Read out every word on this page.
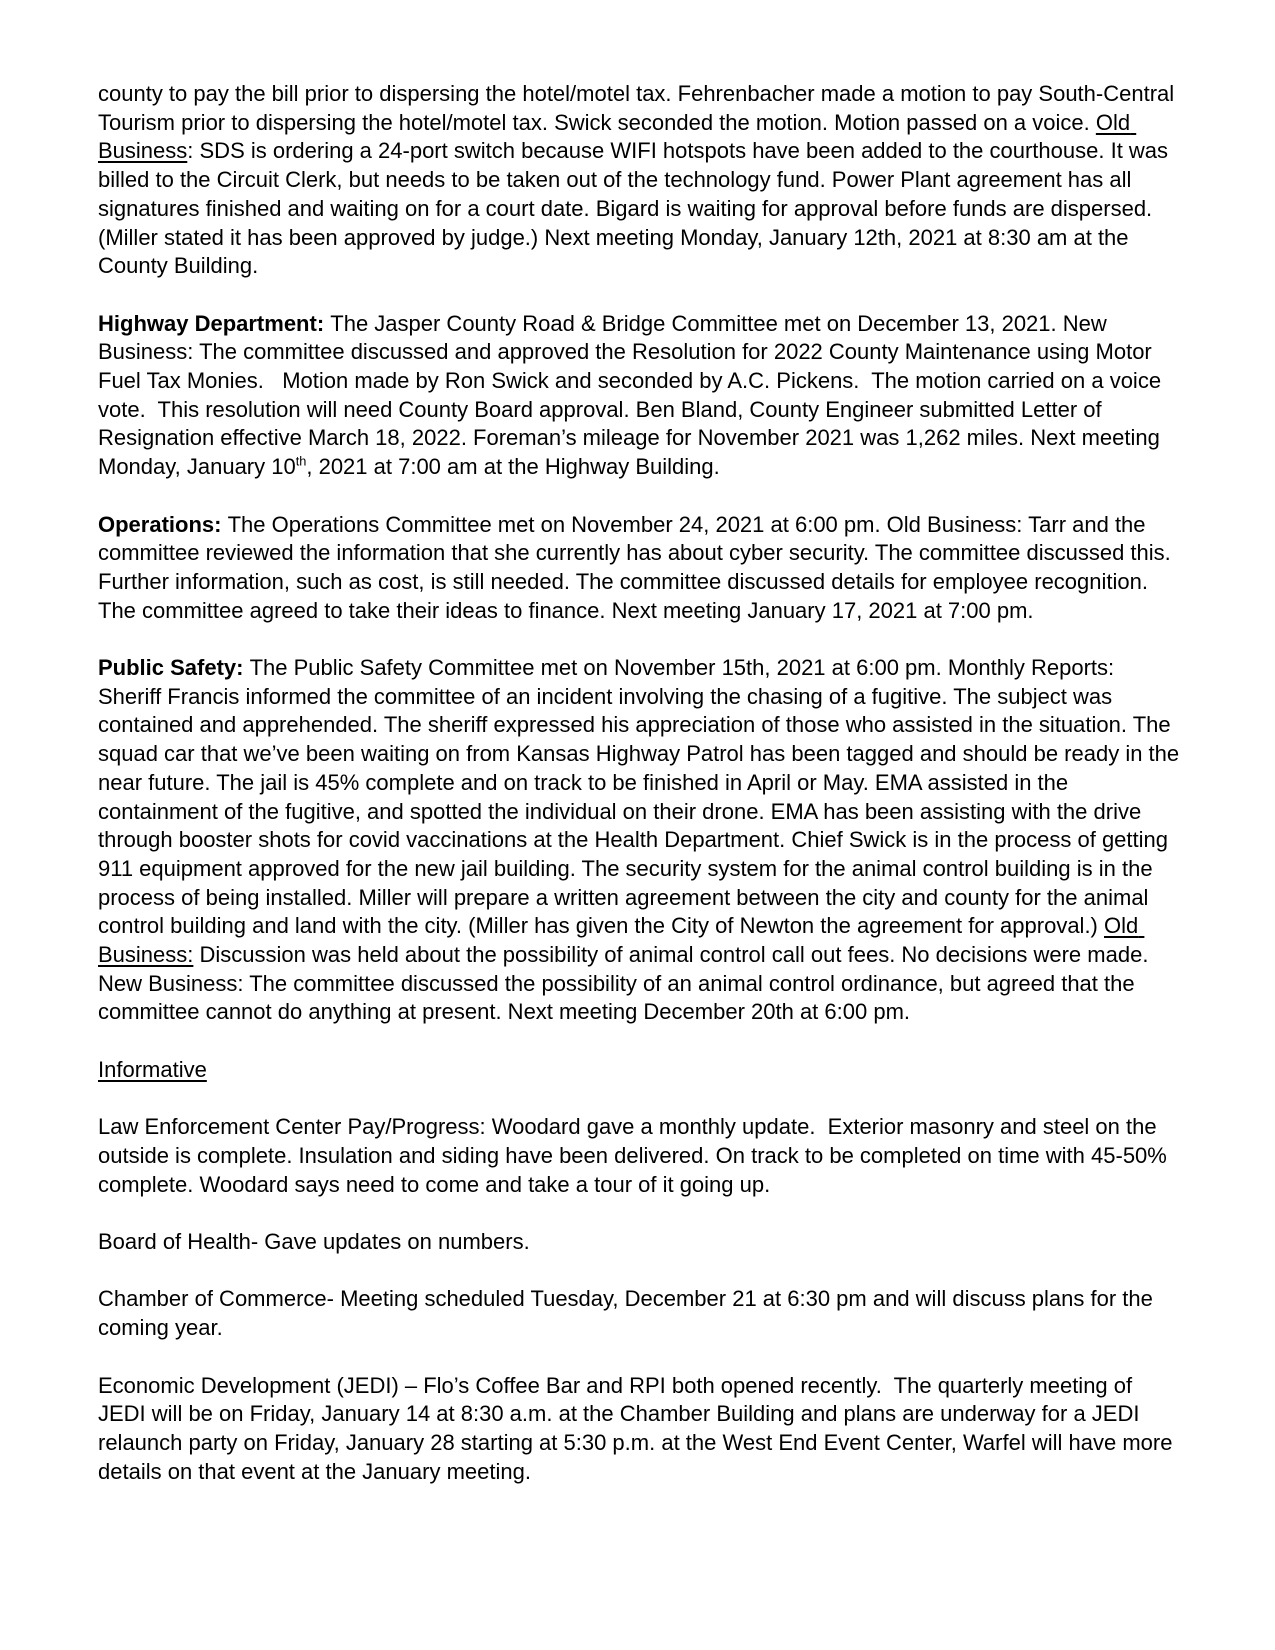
county to pay the bill prior to dispersing the hotel/motel tax. Fehrenbacher made a motion to pay South-Central Tourism prior to dispersing the hotel/motel tax. Swick seconded the motion. Motion passed on a voice. Old Business: SDS is ordering a 24-port switch because WIFI hotspots have been added to the courthouse. It was billed to the Circuit Clerk, but needs to be taken out of the technology fund. Power Plant agreement has all signatures finished and waiting on for a court date. Bigard is waiting for approval before funds are dispersed. (Miller stated it has been approved by judge.) Next meeting Monday, January 12th, 2021 at 8:30 am at the County Building.

Highway Department: The Jasper County Road & Bridge Committee met on December 13, 2021. New Business: The committee discussed and approved the Resolution for 2022 County Maintenance using Motor Fuel Tax Monies.   Motion made by Ron Swick and seconded by A.C. Pickens.  The motion carried on a voice vote.  This resolution will need County Board approval. Ben Bland, County Engineer submitted Letter of Resignation effective March 18, 2022. Foreman’s mileage for November 2021 was 1,262 miles. Next meeting Monday, January 10th, 2021 at 7:00 am at the Highway Building.

Operations: The Operations Committee met on November 24, 2021 at 6:00 pm. Old Business: Tarr and the committee reviewed the information that she currently has about cyber security. The committee discussed this. Further information, such as cost, is still needed. The committee discussed details for employee recognition. The committee agreed to take their ideas to finance. Next meeting January 17, 2021 at 7:00 pm.

Public Safety: The Public Safety Committee met on November 15th, 2021 at 6:00 pm. Monthly Reports: Sheriff Francis informed the committee of an incident involving the chasing of a fugitive. The subject was contained and apprehended. The sheriff expressed his appreciation of those who assisted in the situation. The squad car that we’ve been waiting on from Kansas Highway Patrol has been tagged and should be ready in the near future. The jail is 45% complete and on track to be finished in April or May. EMA assisted in the containment of the fugitive, and spotted the individual on their drone. EMA has been assisting with the drive through booster shots for covid vaccinations at the Health Department. Chief Swick is in the process of getting 911 equipment approved for the new jail building. The security system for the animal control building is in the process of being installed. Miller will prepare a written agreement between the city and county for the animal control building and land with the city. (Miller has given the City of Newton the agreement for approval.) Old Business: Discussion was held about the possibility of animal control call out fees. No decisions were made. New Business: The committee discussed the possibility of an animal control ordinance, but agreed that the committee cannot do anything at present. Next meeting December 20th at 6:00 pm.

Informative

Law Enforcement Center Pay/Progress: Woodard gave a monthly update.  Exterior masonry and steel on the outside is complete. Insulation and siding have been delivered. On track to be completed on time with 45-50% complete. Woodard says need to come and take a tour of it going up.

Board of Health- Gave updates on numbers.

Chamber of Commerce- Meeting scheduled Tuesday, December 21 at 6:30 pm and will discuss plans for the coming year.

Economic Development (JEDI) – Flo’s Coffee Bar and RPI both opened recently.  The quarterly meeting of JEDI will be on Friday, January 14 at 8:30 a.m. at the Chamber Building and plans are underway for a JEDI relaunch party on Friday, January 28 starting at 5:30 p.m. at the West End Event Center, Warfel will have more details on that event at the January meeting.
